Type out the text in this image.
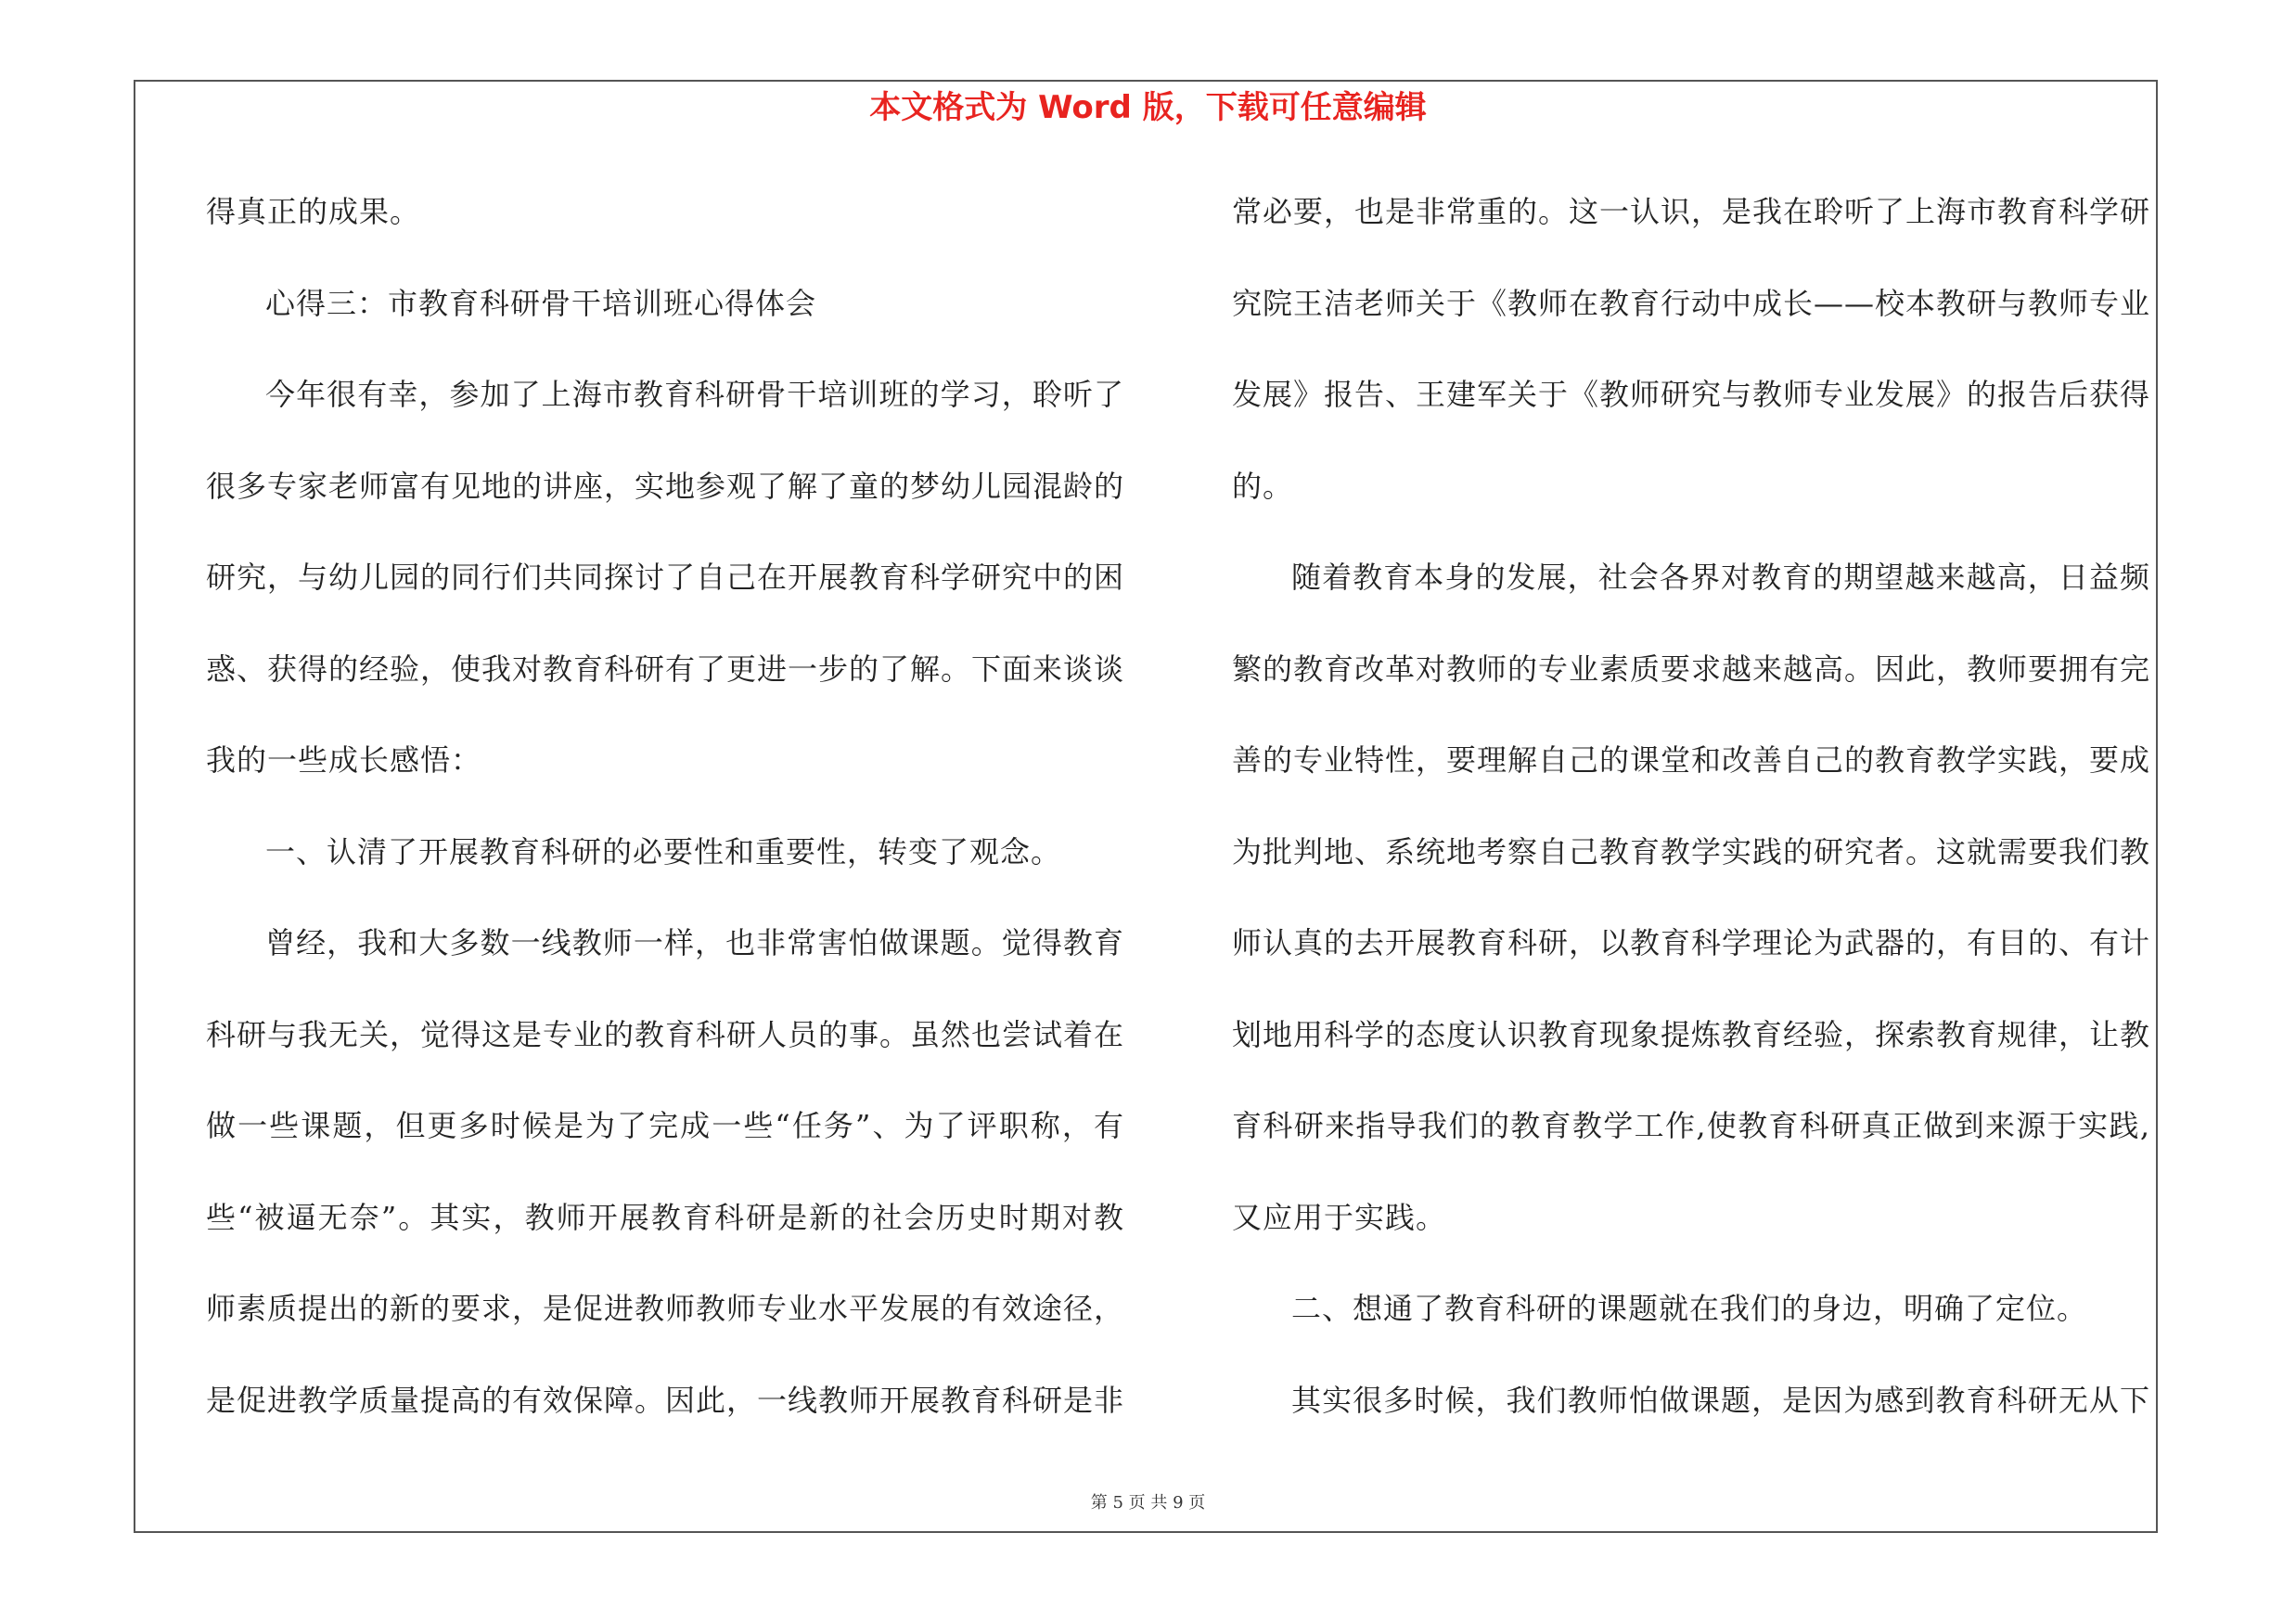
本文格式为 Word 版，下载可任意编辑
得真正的成果。
心得三：市教育科研骨干培训班心得体会
今年很有幸，参加了上海市教育科研骨干培训班的学习，聆听了
很多专家老师富有见地的讲座，实地参观了解了童的梦幼儿园混龄的
研究，与幼儿园的同行们共同探讨了自己在开展教育科学研究中的困
惑、获得的经验，使我对教育科研有了更进一步的了解。下面来谈谈
我的一些成长感悟：
一、认清了开展教育科研的必要性和重要性，转变了观念。
曾经，我和大多数一线教师一样，也非常害怕做课题。觉得教育
科研与我无关，觉得这是专业的教育科研人员的事。虽然也尝试着在
做一些课题，但更多时候是为了完成一些“任务”、为了评职称，有
些“被逼无奈”。其实，教师开展教育科研是新的社会历史时期对教
师素质提出的新的要求，是促进教师教师专业水平发展的有效途径，
是促进教学质量提高的有效保障。因此，一线教师开展教育科研是非
常必要，也是非常重的。这一认识，是我在聆听了上海市教育科学研
究院王洁老师关于《教师在教育行动中成长——校本教研与教师专业
发展》报告、王建军关于《教师研究与教师专业发展》的报告后获得
的。
随着教育本身的发展，社会各界对教育的期望越来越高，日益频
繁的教育改革对教师的专业素质要求越来越高。因此，教师要拥有完
善的专业特性，要理解自己的课堂和改善自己的教育教学实践，要成
为批判地、系统地考察自己教育教学实践的研究者。这就需要我们教
师认真的去开展教育科研，以教育科学理论为武器的，有目的、有计
划地用科学的态度认识教育现象提炼教育经验，探索教育规律，让教
育科研来指导我们的教育教学工作,使教育科研真正做到来源于实践,
又应用于实践。
二、想通了教育科研的课题就在我们的身边，明确了定位。
其实很多时候，我们教师怕做课题，是因为感到教育科研无从下
第 5 页 共 9 页
